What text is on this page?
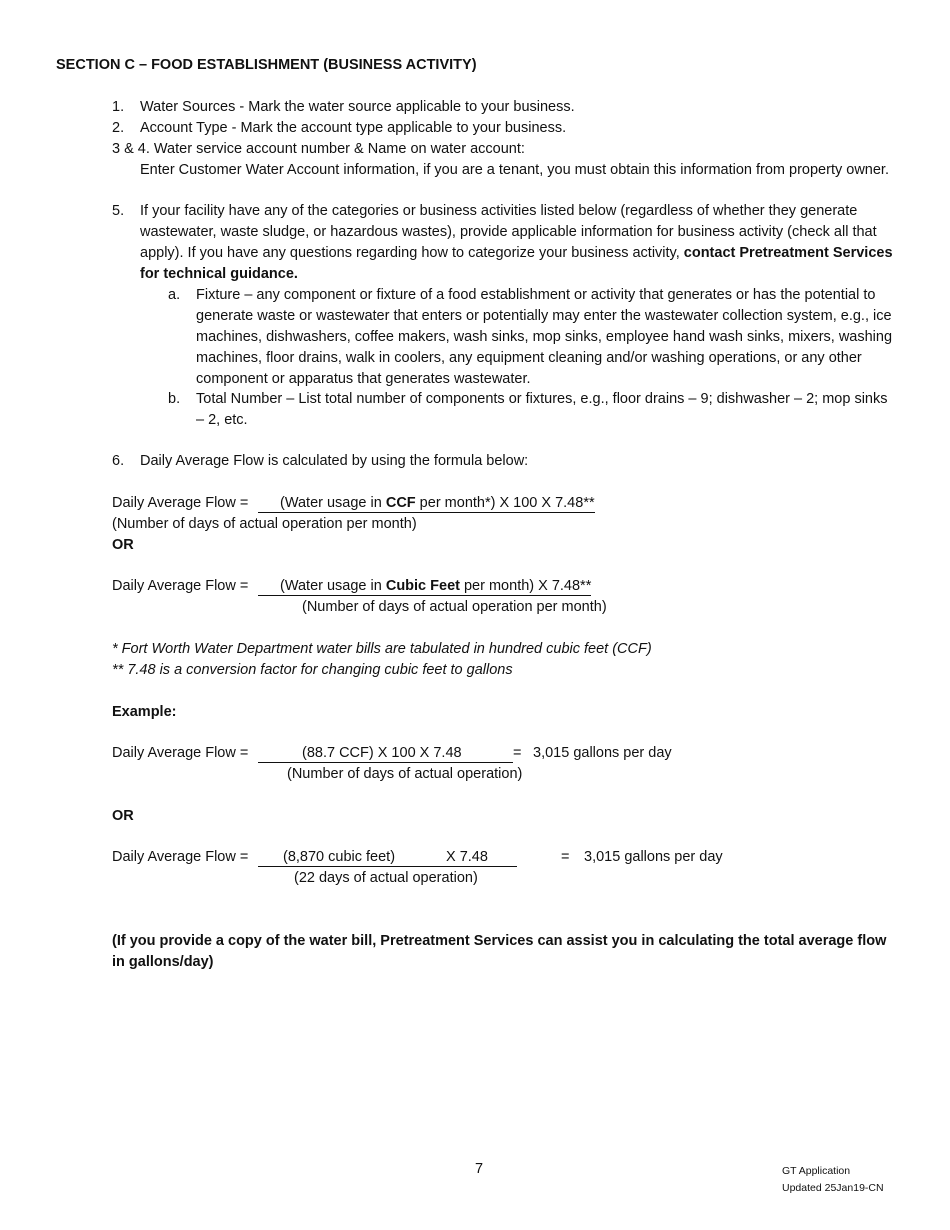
SECTION C – FOOD ESTABLISHMENT (BUSINESS ACTIVITY)
1. Water Sources - Mark the water source applicable to your business.
2. Account Type - Mark the account type applicable to your business.
3 & 4. Water service account number & Name on water account:
Enter Customer Water Account information, if you are a tenant, you must obtain this information from property owner.
5. If your facility have any of the categories or business activities listed below (regardless of whether they generate wastewater, waste sludge, or hazardous wastes), provide applicable information for business activity (check all that apply). If you have any questions regarding how to categorize your business activity, contact Pretreatment Services for technical guidance.
a. Fixture – any component or fixture of a food establishment or activity that generates or has the potential to generate waste or wastewater that enters or potentially may enter the wastewater collection system, e.g., ice machines, dishwashers, coffee makers, wash sinks, mop sinks, employee hand wash sinks, mixers, washing machines, floor drains, walk in coolers, any equipment cleaning and/or washing operations, or any other component or apparatus that generates wastewater.
b. Total Number – List total number of components or fixtures, e.g., floor drains – 9; dishwasher – 2; mop sinks – 2, etc.
6. Daily Average Flow is calculated by using the formula below:
Daily Average Flow =	(Water usage in CCF per month*) X 100 X 7.48**
(Number of days of actual operation per month)
OR
Daily Average Flow =	(Water usage in Cubic Feet per month) X 7.48**
(Number of days of actual operation per month)
* Fort Worth Water Department water bills are tabulated in hundred cubic feet (CCF)
** 7.48 is a conversion factor for changing cubic feet to gallons
Example:
Daily Average Flow =	(88.7 CCF) X 100 X 7.48	= 3,015 gallons per day
(Number of days of actual operation)
OR
Daily Average Flow =	(8,870 cubic feet)	X 7.48	= 3,015 gallons per day
(22 days of actual operation)
(If you provide a copy of the water bill, Pretreatment Services can assist you in calculating the total average flow in gallons/day)
7	GT Application
Updated 25Jan19-CN
